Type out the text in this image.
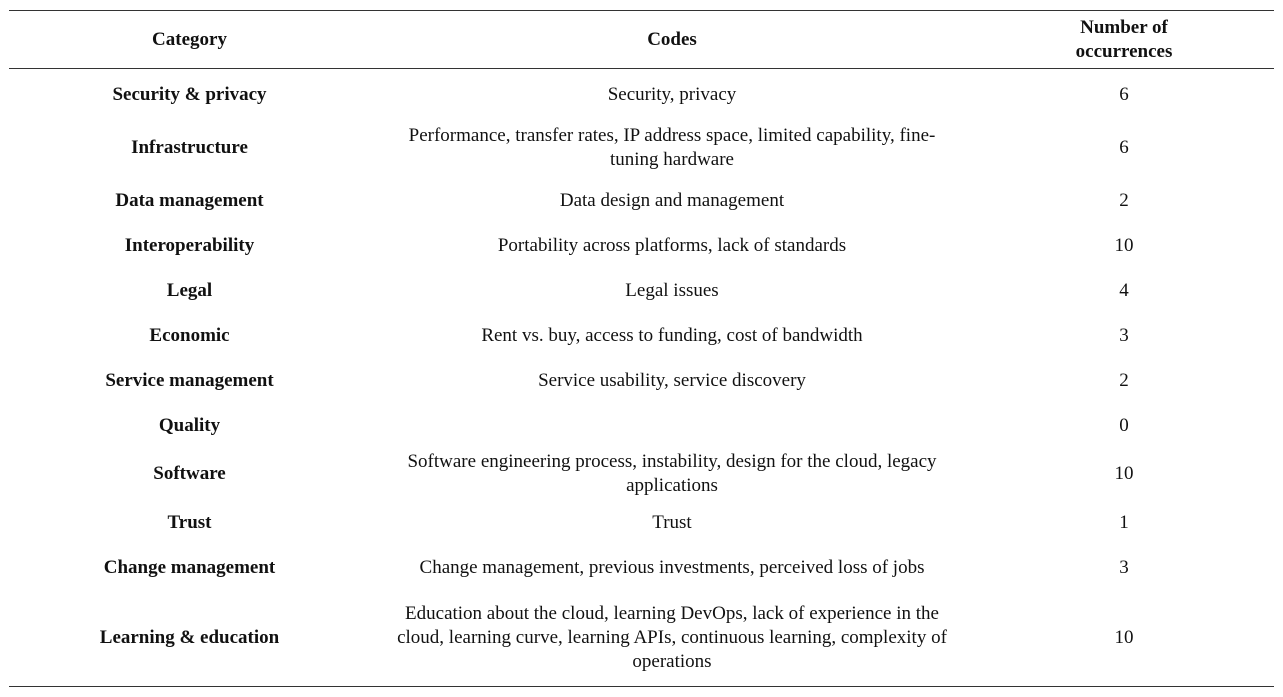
Category	Codes	Number of occurrences

Security & privacy	Security, privacy	6
Infrastructure	Performance, transfer rates, IP address space, limited capability, fine-tuning hardware	6
Data management	Data design and management	2
Interoperability	Portability across platforms, lack of standards	10
Legal	Legal issues	4
Economic	Rent vs. buy, access to funding, cost of bandwidth	3
Service management	Service usability, service discovery	2
Quality		0
Software	Software engineering process, instability, design for the cloud, legacy applications	10
Trust	Trust	1
Change management	Change management, previous investments, perceived loss of jobs	3
Learning & education	Education about the cloud, learning DevOps, lack of experience in the cloud, learning curve, learning APIs, continuous learning, complexity of operations	10
